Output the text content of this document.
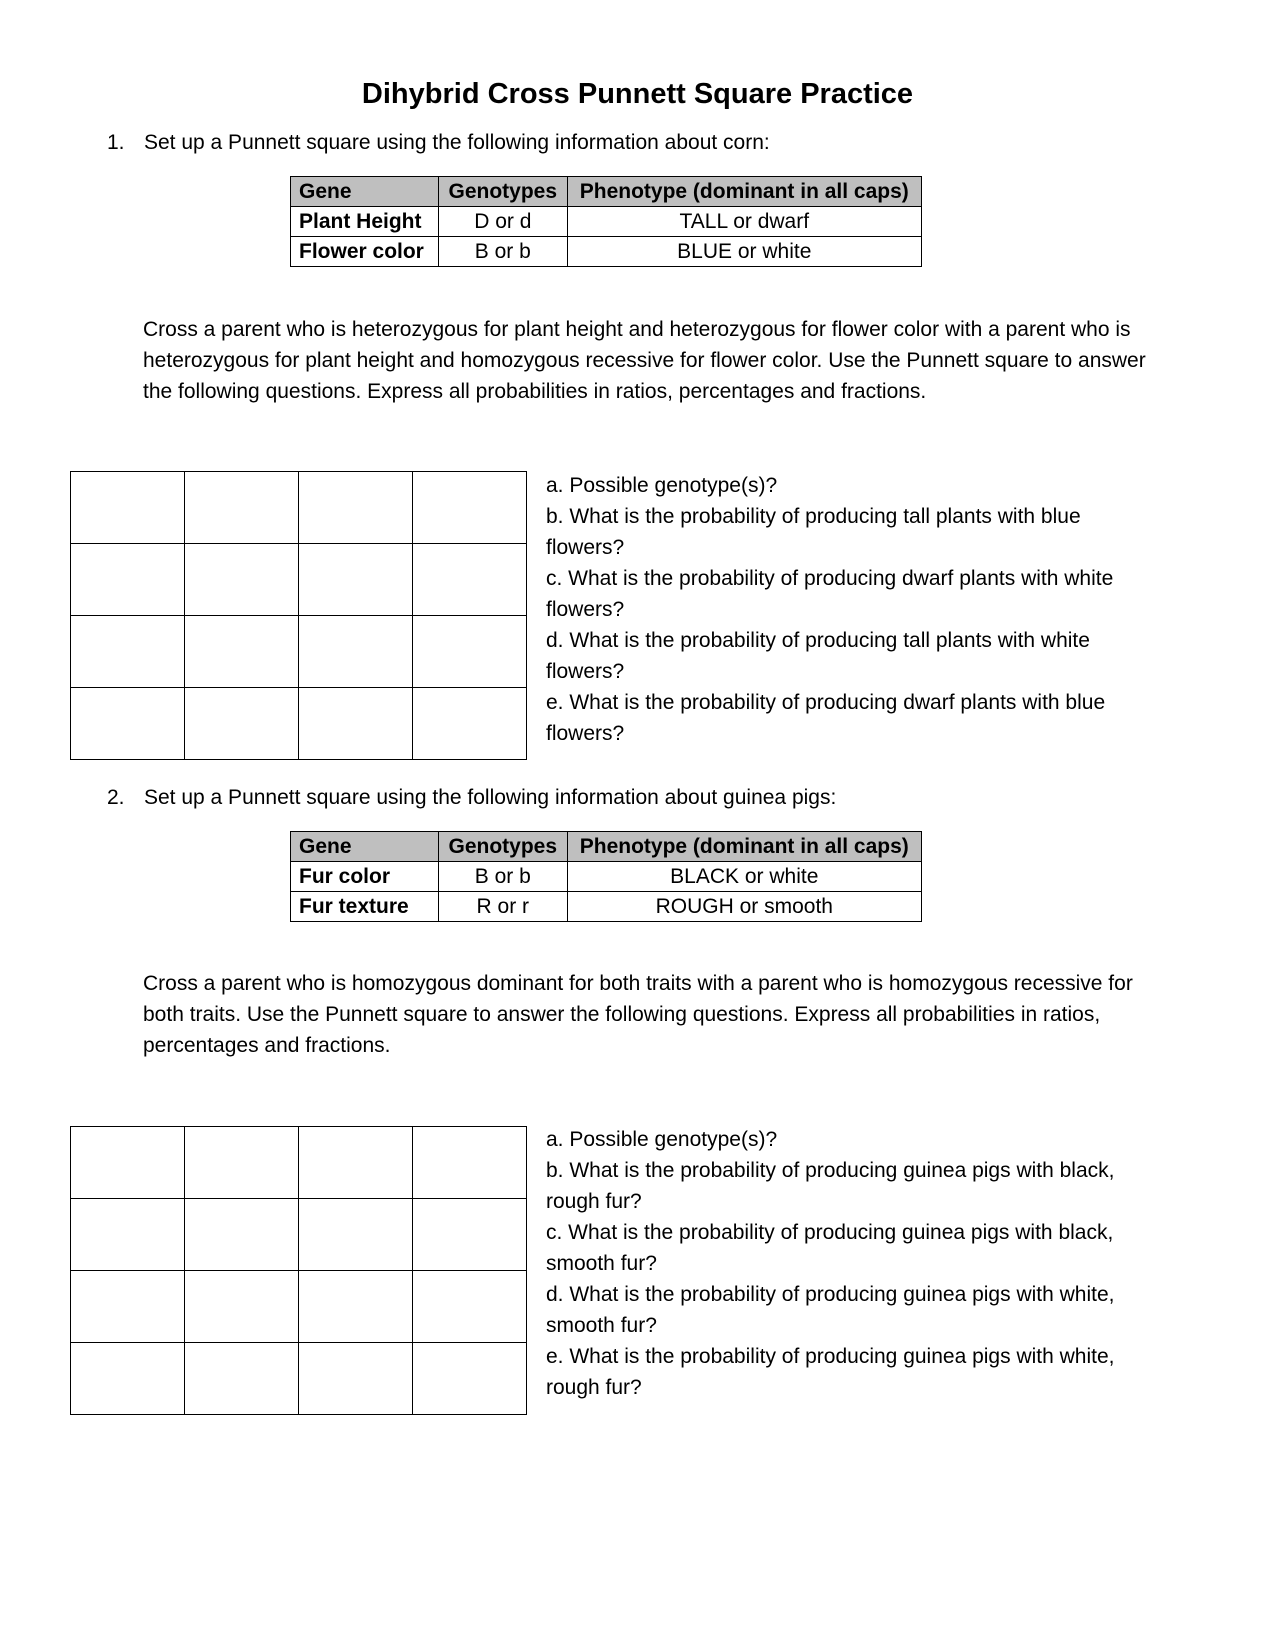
Dihybrid Cross Punnett Square Practice
1. Set up a Punnett square using the following information about corn:
Gene	Genotypes	Phenotype (dominant in all caps)
Plant Height	D or d	TALL or dwarf
Flower color	B or b	BLUE or white
Cross a parent who is heterozygous for plant height and heterozygous for flower color with a parent who is heterozygous for plant height and homozygous recessive for flower color. Use the Punnett square to answer the following questions. Express all probabilities in ratios, percentages and fractions.

a. Possible genotype(s)?
b. What is the probability of producing tall plants with blue flowers?
c. What is the probability of producing dwarf plants with white flowers?
d. What is the probability of producing tall plants with white flowers?
e. What is the probability of producing dwarf plants with blue flowers?
2. Set up a Punnett square using the following information about guinea pigs:
Gene	Genotypes	Phenotype (dominant in all caps)
Fur color	B or b	BLACK or white
Fur texture	R or r	ROUGH or smooth
Cross a parent who is homozygous dominant for both traits with a parent who is homozygous recessive for both traits. Use the Punnett square to answer the following questions. Express all probabilities in ratios, percentages and fractions.

a. Possible genotype(s)?
b. What is the probability of producing guinea pigs with black, rough fur?
c. What is the probability of producing guinea pigs with black, smooth fur?
d. What is the probability of producing guinea pigs with white, smooth fur?
e. What is the probability of producing guinea pigs with white, rough fur?
